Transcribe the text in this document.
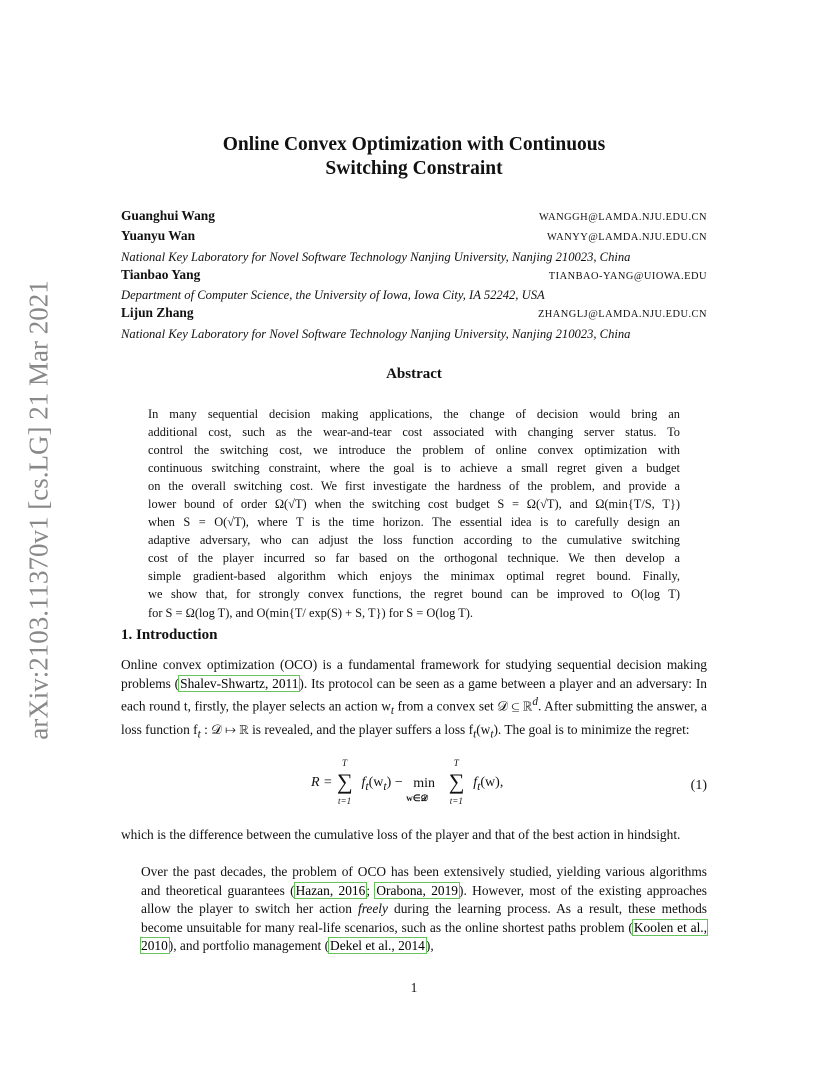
arXiv:2103.11370v1 [cs.LG] 21 Mar 2021
Online Convex Optimization with Continuous
Switching Constraint
Guanghui Wang	WANGGH@LAMDA.NJU.EDU.CN
Yuanyu Wan	WANYY@LAMDA.NJU.EDU.CN
National Key Laboratory for Novel Software Technology Nanjing University, Nanjing 210023, China
Tianbao Yang	TIANBAO-YANG@UIOWA.EDU
Department of Computer Science, the University of Iowa, Iowa City, IA 52242, USA
Lijun Zhang	ZHANGLJ@LAMDA.NJU.EDU.CN
National Key Laboratory for Novel Software Technology Nanjing University, Nanjing 210023, China
Abstract
In many sequential decision making applications, the change of decision would bring an
additional cost, such as the wear-and-tear cost associated with changing server status. To
control the switching cost, we introduce the problem of online convex optimization with
continuous switching constraint, where the goal is to achieve a small regret given a budget
on the overall switching cost. We first investigate the hardness of the problem, and provide a
lower bound of order Ω(√T) when the switching cost budget S = Ω(√T), and Ω(min{T/S, T})
when S = O(√T), where T is the time horizon. The essential idea is to carefully design an
adaptive adversary, who can adjust the loss function according to the cumulative switching
cost of the player incurred so far based on the orthogonal technique. We then develop a
simple gradient-based algorithm which enjoys the minimax optimal regret bound. Finally,
we show that, for strongly convex functions, the regret bound can be improved to O(log T)
for S = Ω(log T), and O(min{T/ exp(S) + S, T}) for S = O(log T).
1. Introduction

Online convex optimization (OCO) is a fundamental framework for studying sequential decision making problems (Shalev-Shwartz, 2011). Its protocol can be seen as a game between a player and an adversary: In each round t, firstly, the player selects an action $w_t$ from a convex set 𝒟 ⊆ ℝ$^d$. After submitting the answer, a loss function $f_t$ : 𝒟 ↦ ℝ is revealed, and the player suffers a loss $f_t(w_t)$. The goal is to minimize the regret:

R =
T
∑
t=1
$f_t(w_t) - \min$
w∈𝒟

T
∑
t=1
$f_t(w)$,	(1)

which is the difference between the cumulative loss of the player and that of the best action in hindsight.

Over the past decades, the problem of OCO has been extensively studied, yielding various algorithms and theoretical guarantees (Hazan, 2016; Orabona, 2019). However, most of the existing approaches allow the player to switch her action freely during the learning process. As a result, these methods become unsuitable for many real-life scenarios, such as the online shortest paths problem (Koolen et al., 2010), and portfolio management (Dekel et al., 2014),

1
